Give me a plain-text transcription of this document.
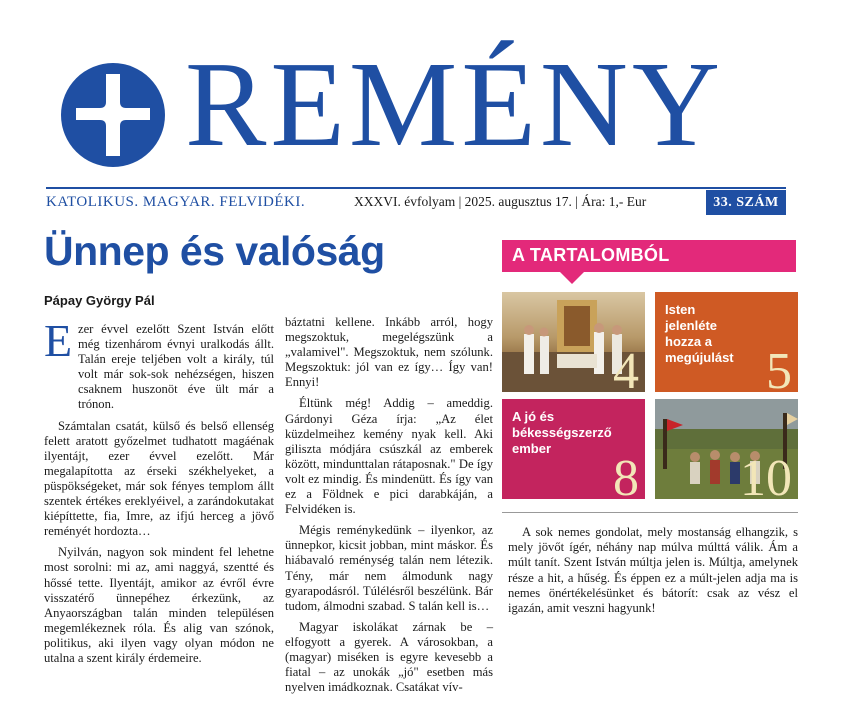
REMÉNY
KATOLIKUS. MAGYAR. FELVIDÉKI.	XXXVI. évfolyam | 2025. augusztus 17. | Ára: 1,- Eur	33. SZÁM
Ünnep és valóság
Pápay György Pál
E zer évvel ezelőtt Szent István előtt még tizenhárom évnyi uralkodás állt. Talán ereje teljében volt a király, túl volt már sok-sok nehézségen, hiszen csaknem huszonöt éve ült már a trónon.

Számtalan csatát, külső és belső ellenség felett aratott győzelmet tudhatott magáénak ilyentájt, ezer évvel ezelőtt. Már megalapította az érseki székhelyeket, a püspökségeket, már sok fényes templom állt szentek értékes ereklyéivel, a zarándokutakat kiépíttette, fia, Imre, az ifjú herceg a jövő reményét hordozta…

Nyilván, nagyon sok mindent fel lehetne most sorolni: mi az, ami naggyá, szentté és hőssé tette. Ilyentájt, amikor az évről évre visszatérő ünnepéhez érkezünk, az Anyaországban talán minden településen megemlékeznek róla. És alig van szónok, politikus, aki ilyen vagy olyan módon ne utalna a szent király érdemeire.

báztatni kellene. Inkább arról, hogy megszoktuk, megelégszünk a „valamivel". Megszoktuk, nem szólunk. Megszoktuk: jól van ez így… Így van! Ennyi!

Éltünk még! Addig – ameddig. Gárdonyi Géza írja: „Az élet küzdelmeihez kemény nyak kell. Aki giliszta módjára csúszkál az emberek között, mindunttalan rátaposnak." De így volt ez mindig. És mindenütt. És így van ez a Földnek e pici darabkáján, a Felvidéken is.

Mégis reménykedünk – ilyenkor, az ünnepkor, kicsit jobban, mint máskor. És hiábavaló reménység talán nem létezik. Tény, már nem álmodunk nagy gyarapodásról. Túlélésről beszélünk. Bár tudom, álmodni szabad. S talán kell is…

Magyar iskolákat zárnak be – elfogyott a gyerek. A városokban, a (magyar) miséken is egyre kevesebb a fiatal – az unokák „jó" esetben más nyelven imádkoznak. Csatákat vív-

A TARTALOMBÓL
4
Isten jelenléte hozza a megújulást 5
A jó és békességszerző ember
8 10

A sok nemes gondolat, mely mostanság elhangzik, s mely jövőt ígér, néhány nap múlva múlttá válik. Ám a múlt tanít. Szent István múltja jelen is. Múltja, amelynek része a hit, a hűség. És éppen ez a múlt-jelen adja ma is nemes önértékelésünket és bátorít: csak az vész el igazán, amit veszni hagyunk!
